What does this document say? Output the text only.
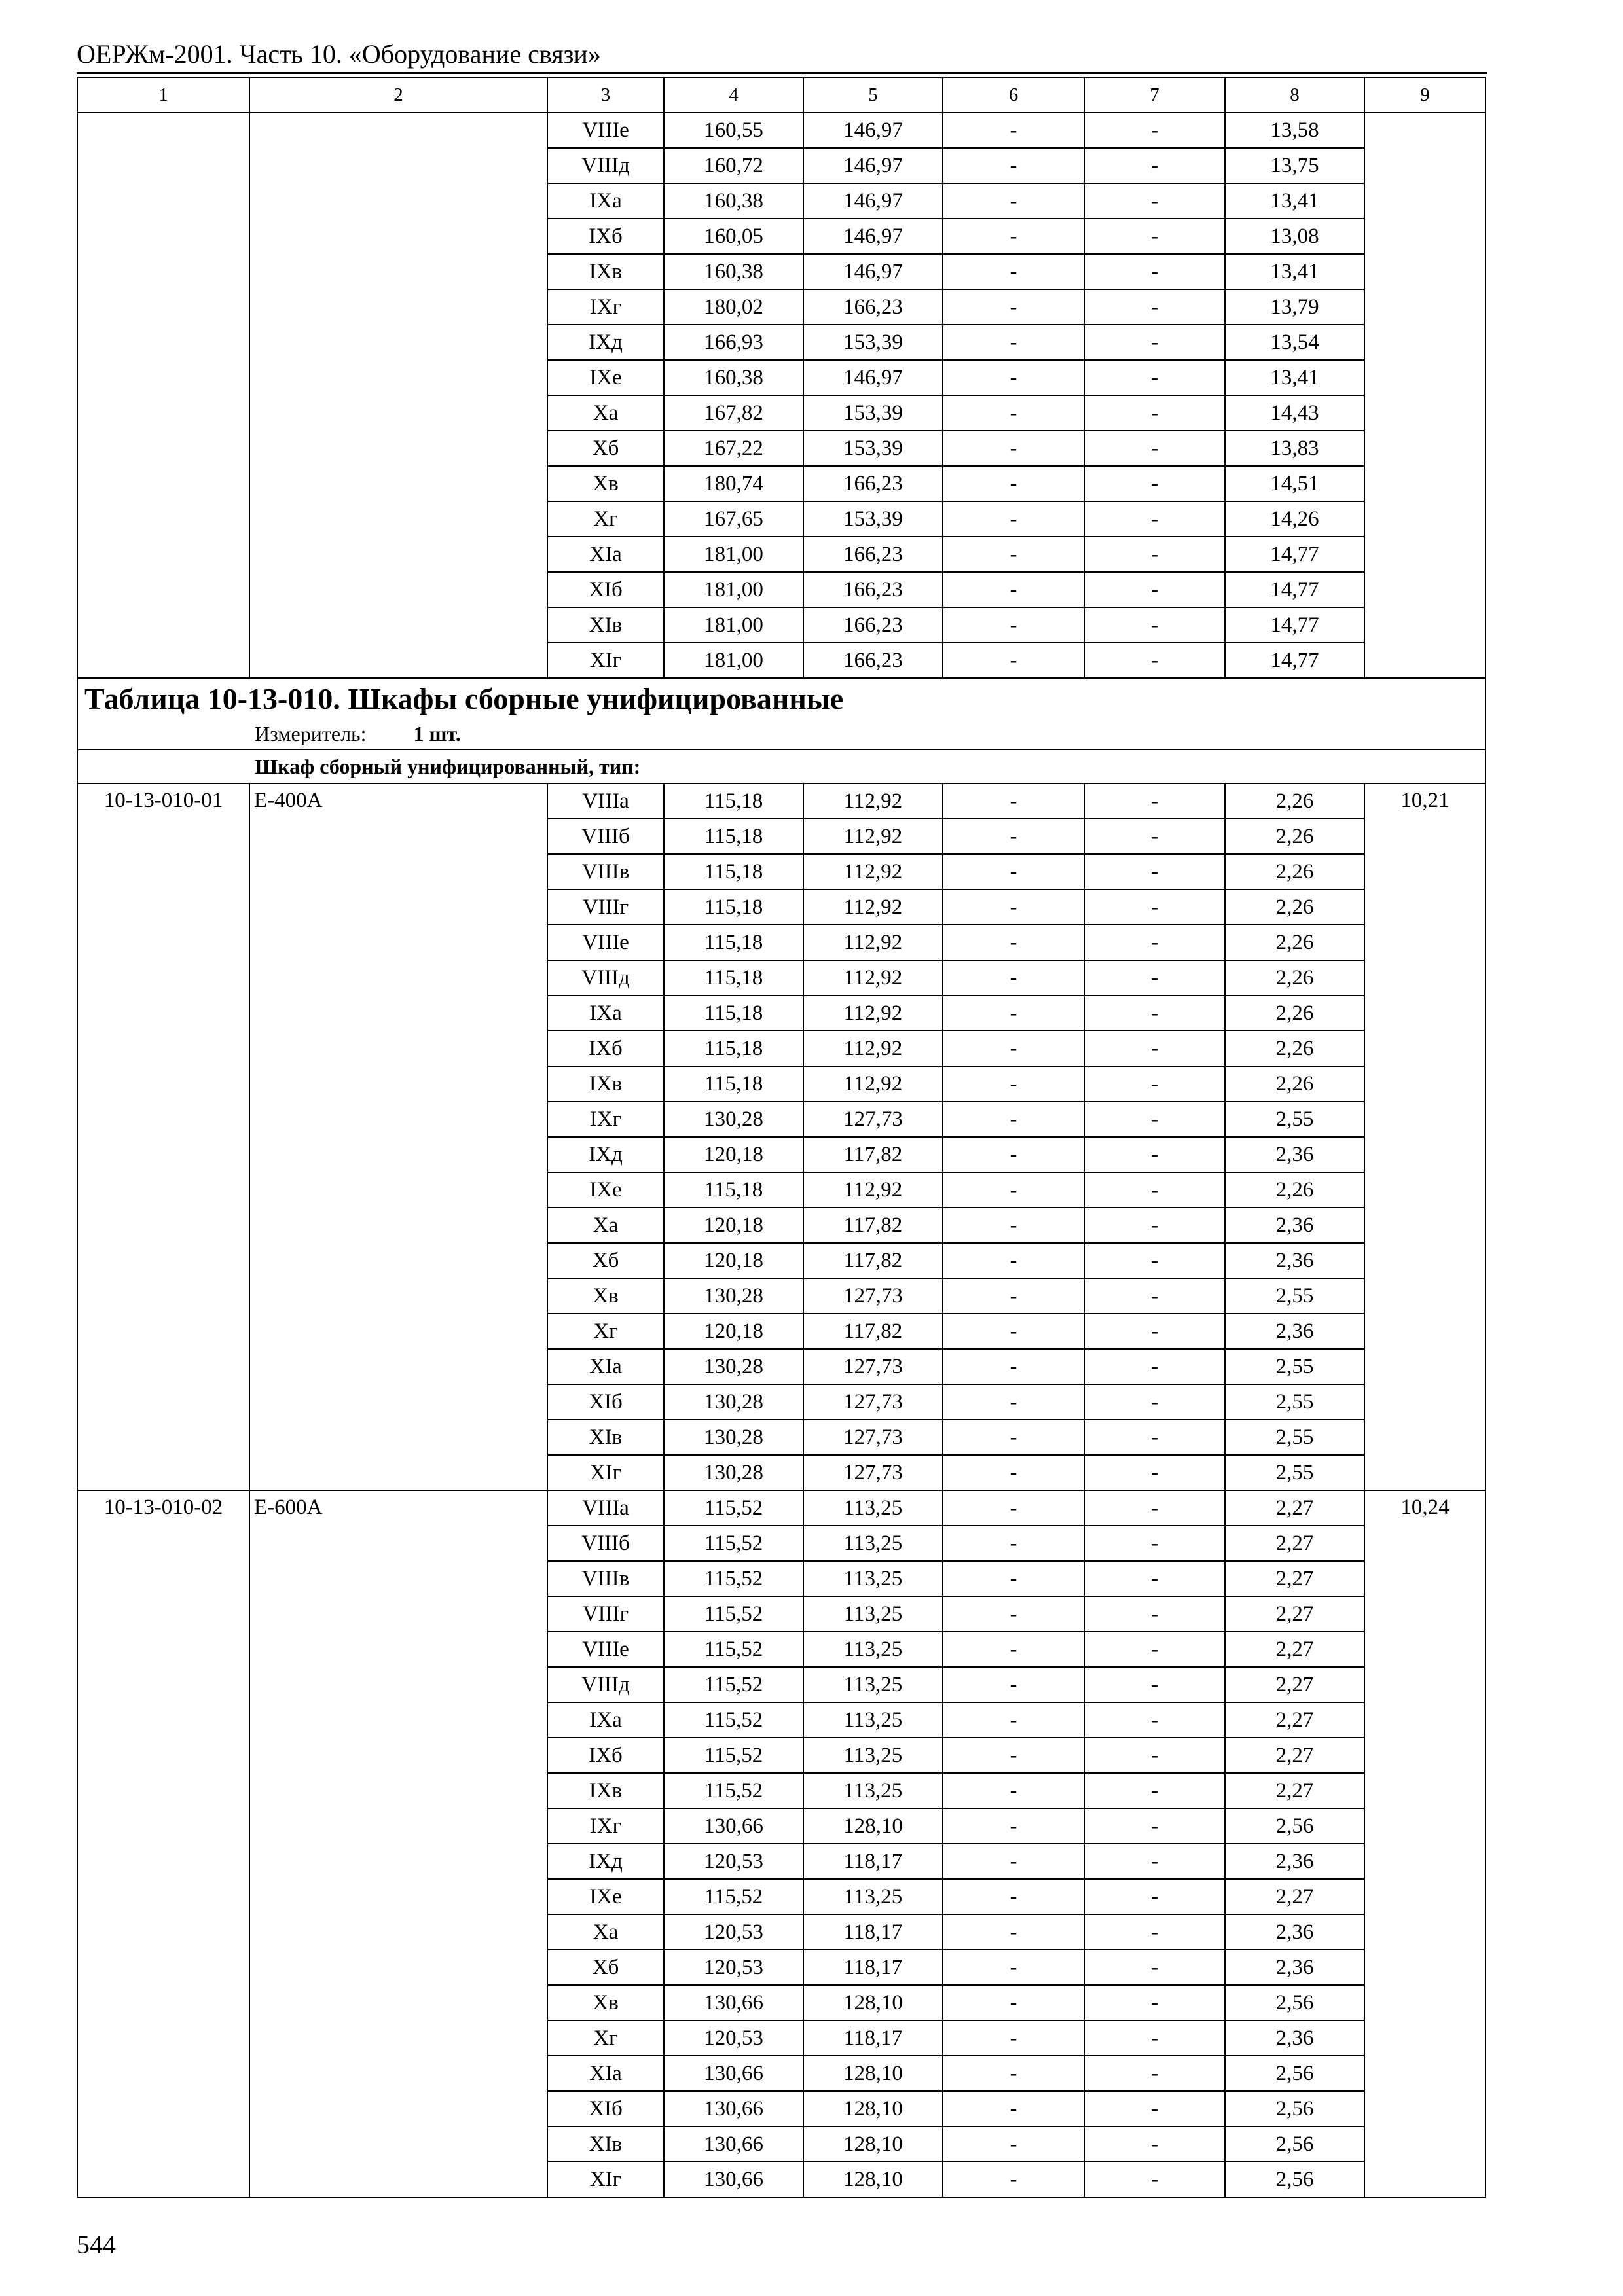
ОЕРЖм-2001. Часть 10. «Оборудование связи»
1	2	3	4	5	6	7	8	9
		VIIIе	160,55	146,97	-	-	13,58	
		VIIIд	160,72	146,97	-	-	13,75	
		IXа	160,38	146,97	-	-	13,41	
		IXб	160,05	146,97	-	-	13,08	
		IXв	160,38	146,97	-	-	13,41	
		IXг	180,02	166,23	-	-	13,79	
		IXд	166,93	153,39	-	-	13,54	
		IXе	160,38	146,97	-	-	13,41	
		Xа	167,82	153,39	-	-	14,43	
		Xб	167,22	153,39	-	-	13,83	
		Xв	180,74	166,23	-	-	14,51	
		Xг	167,65	153,39	-	-	14,26	
		XIа	181,00	166,23	-	-	14,77	
		XIб	181,00	166,23	-	-	14,77	
		XIв	181,00	166,23	-	-	14,77	
		XIг	181,00	166,23	-	-	14,77	

Таблица 10-13-010. Шкафы сборные унифицированные
Измеритель: 1 шт.								

Шкаф сборный унифицированный, тип:								
10-13-010-01	Е-400А	VIIIа	115,18	112,92	-	-	2,26	10,21
		VIIIб	115,18	112,92	-	-	2,26	
		VIIIв	115,18	112,92	-	-	2,26	
		VIIIг	115,18	112,92	-	-	2,26	
		VIIIе	115,18	112,92	-	-	2,26	
		VIIIд	115,18	112,92	-	-	2,26	
		IXа	115,18	112,92	-	-	2,26	
		IXб	115,18	112,92	-	-	2,26	
		IXв	115,18	112,92	-	-	2,26	
		IXг	130,28	127,73	-	-	2,55	
		IXд	120,18	117,82	-	-	2,36	
		IXе	115,18	112,92	-	-	2,26	
		Xа	120,18	117,82	-	-	2,36	
		Xб	120,18	117,82	-	-	2,36	
		Xв	130,28	127,73	-	-	2,55	
		Xг	120,18	117,82	-	-	2,36	
		XIа	130,28	127,73	-	-	2,55	
		XIб	130,28	127,73	-	-	2,55	
		XIв	130,28	127,73	-	-	2,55	
		XIг	130,28	127,73	-	-	2,55	
10-13-010-02	Е-600А	VIIIа	115,52	113,25	-	-	2,27	10,24
		VIIIб	115,52	113,25	-	-	2,27	
		VIIIв	115,52	113,25	-	-	2,27	
		VIIIг	115,52	113,25	-	-	2,27	
		VIIIе	115,52	113,25	-	-	2,27	
		VIIIд	115,52	113,25	-	-	2,27	
		IXа	115,52	113,25	-	-	2,27	
		IXб	115,52	113,25	-	-	2,27	
		IXв	115,52	113,25	-	-	2,27	
		IXг	130,66	128,10	-	-	2,56	
		IXд	120,53	118,17	-	-	2,36	
		IXе	115,52	113,25	-	-	2,27	
		Xа	120,53	118,17	-	-	2,36	
		Xб	120,53	118,17	-	-	2,36	
		Xв	130,66	128,10	-	-	2,56	
		Xг	120,53	118,17	-	-	2,36	
		XIа	130,66	128,10	-	-	2,56	
		XIб	130,66	128,10	-	-	2,56	
		XIв	130,66	128,10	-	-	2,56	
		XIг	130,66	128,10	-	-	2,56	
544
